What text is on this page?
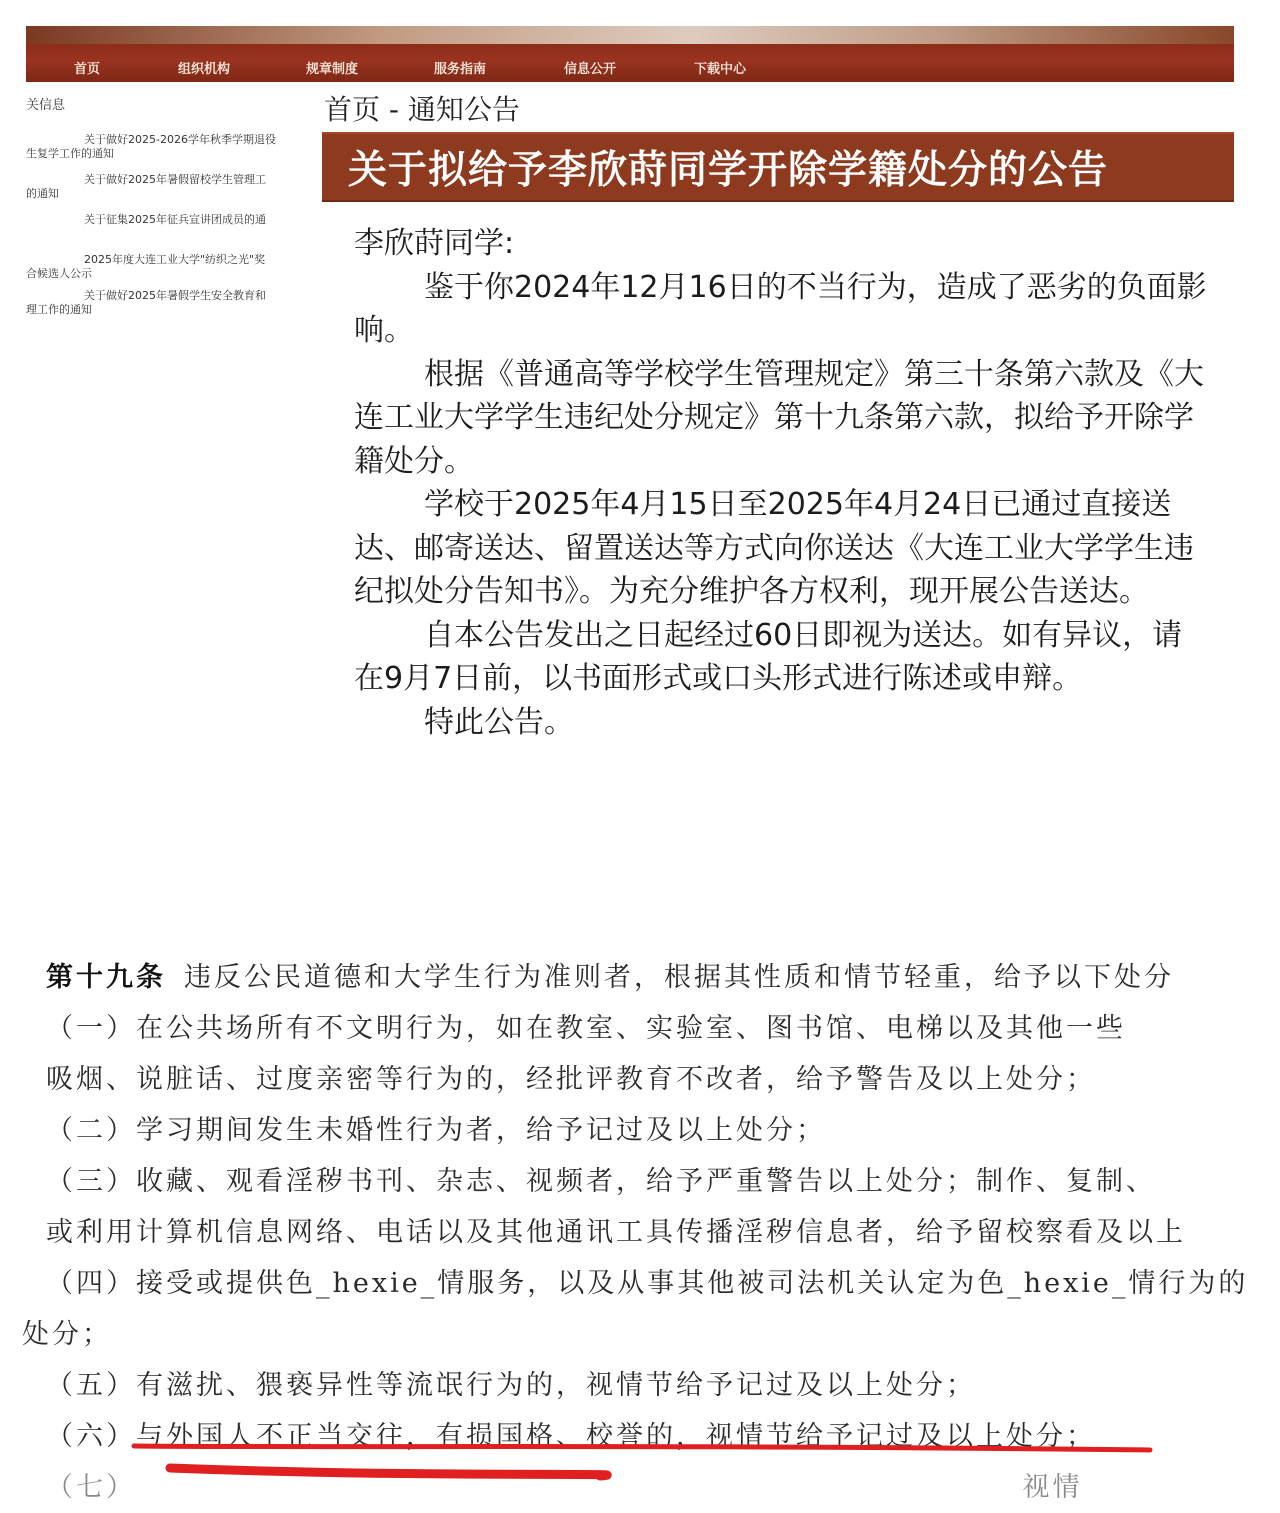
首页	组织机构	规章制度	服务指南	信息公开	下载中心
关信息
关于做好2025-2026学年秋季学期退役
生复学工作的通知
关于做好2025年暑假留校学生管理工
的通知
关于征集2025年征兵宣讲团成员的通
2025年度大连工业大学"纺织之光"奖
合候选人公示
关于做好2025年暑假学生安全教育和
理工作的通知
首页 - 通知公告
关于拟给予李欣莳同学开除学籍处分的公告

李欣莳同学:

鉴于你2024年12月16日的不当行为，造成了恶劣的负面影响。

根据《普通高等学校学生管理规定》第三十条第六款及《大连工业大学学生违纪处分规定》第十九条第六款，拟给予开除学籍处分。

学校于2025年4月15日至2025年4月24日已通过直接送达、邮寄送达、留置送达等方式向你送达《大连工业大学学生违纪拟处分告知书》。为充分维护各方权利，现开展公告送达。

自本公告发出之日起经过60日即视为送达。如有异议，请在9月7日前，以书面形式或口头形式进行陈述或申辩。

特此公告。

第十九条 违反公民道德和大学生行为准则者，根据其性质和情节轻重，给予以下处分
（一）在公共场所有不文明行为，如在教室、实验室、图书馆、电梯以及其他一些
吸烟、说脏话、过度亲密等行为的，经批评教育不改者，给予警告及以上处分；
（二）学习期间发生未婚性行为者，给予记过及以上处分；
（三）收藏、观看淫秽书刊、杂志、视频者，给予严重警告以上处分；制作、复制、
或利用计算机信息网络、电话以及其他通讯工具传播淫秽信息者，给予留校察看及以上
（四）接受或提供色_hexie_情服务，以及从事其他被司法机关认定为色_hexie_情行为的
处分；
（五）有滋扰、猥亵异性等流氓行为的，视情节给予记过及以上处分；
（六）与外国人不正当交往，有损国格、校誉的，视情节给予记过及以上处分；
（七）　　　　　　　　　　　　　　　　　　　　　　　　　　　　　　视情
